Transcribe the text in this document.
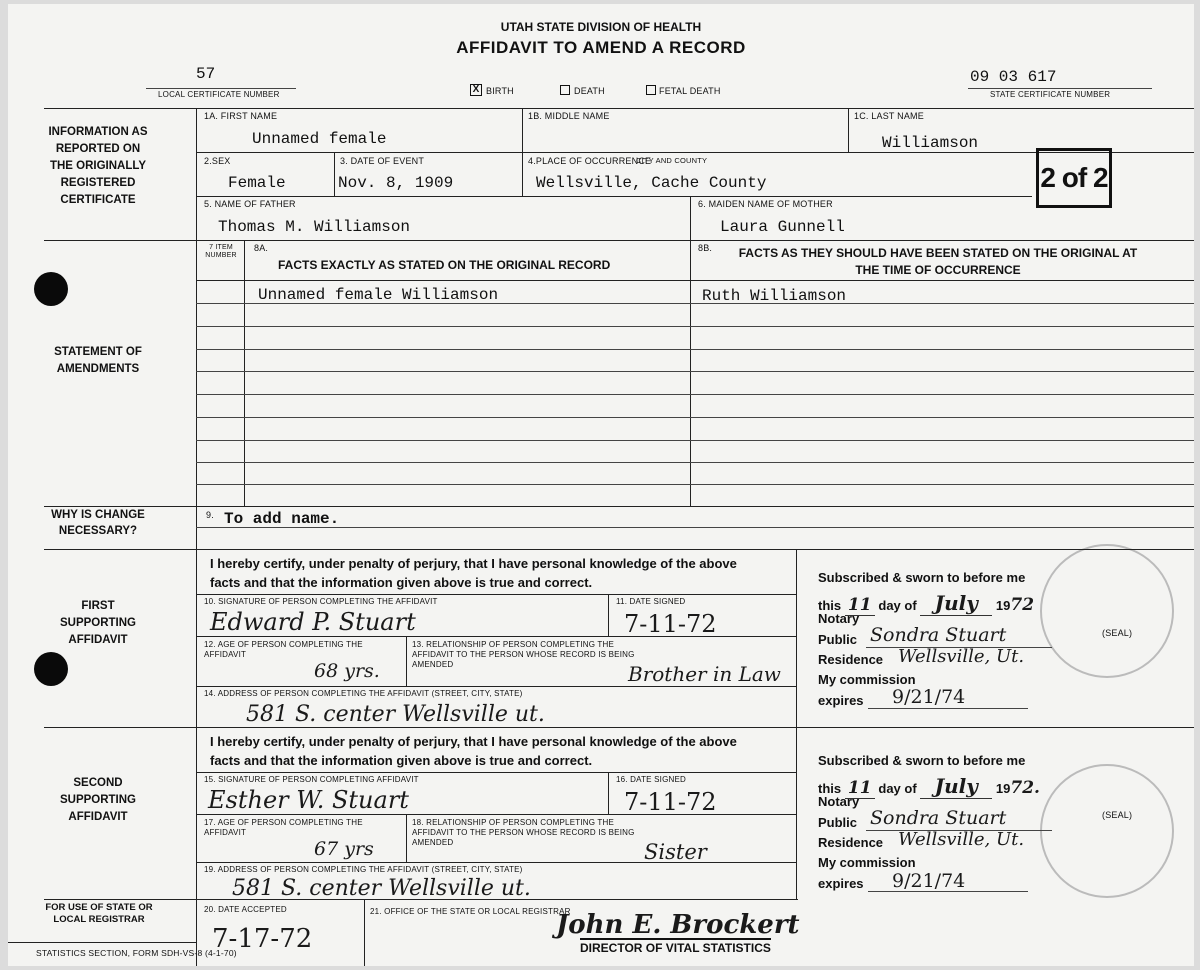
UTAH STATE DIVISION OF HEALTH
AFFIDAVIT TO AMEND A RECORD
57
LOCAL CERTIFICATE NUMBER	X BIRTH	DEATH	FETAL DEATH
09 03 617
STATE CERTIFICATE NUMBER
INFORMATION AS REPORTED ON THE ORIGINALLY REGISTERED CERTIFICATE
1A. FIRST NAME
Unnamed female
1B. MIDDLE NAME	1C. LAST NAME
Williamson
2.SEX
Female
3. DATE OF EVENT
Nov. 8, 1909
4.PLACE OF OCCURRENCE
CITY AND COUNTY
Wellsville, Cache County	2 of 2
5. NAME OF FATHER
Thomas M. Williamson
6. MAIDEN NAME OF MOTHER
Laura Gunnell
STATEMENT OF AMENDMENTS
7 ITEM NUMBER
8A.
FACTS EXACTLY AS STATED ON THE ORIGINAL RECORD
8B.	FACTS AS THEY SHOULD HAVE BEEN STATED ON THE ORIGINAL AT THE TIME OF OCCURRENCE
Unnamed female Williamson	Ruth Williamson
WHY IS CHANGE NECESSARY?
9. To add name.
FIRST SUPPORTING AFFIDAVIT
I hereby certify, under penalty of perjury, that I have personal knowledge of the above facts and that the information given above is true and correct.
10. SIGNATURE OF PERSON COMPLETING THE AFFIDAVIT
Edward P. Stuart
11. DATE SIGNED
7-11-72
12. AGE OF PERSON COMPLETING THE AFFIDAVIT
68 yrs.
13. RELATIONSHIP OF PERSON COMPLETING THE AFFIDAVIT TO THE PERSON WHOSE RECORD IS BEING AMENDED	Brother in Law
14. ADDRESS OF PERSON COMPLETING THE AFFIDAVIT (STREET, CITY, STATE)
581 S. center Wellsville ut.
Subscribed & sworn to before me
this 11 day of July 1972
Notary
Public Sondra Stuart	(SEAL)
Residence Wellsville, Ut.
My commission
expires 9/21/74
SECOND SUPPORTING AFFIDAVIT
I hereby certify, under penalty of perjury, that I have personal knowledge of the above facts and that the information given above is true and correct.
15. SIGNATURE OF PERSON COMPLETING AFFIDAVIT
Esther W. Stuart
16. DATE SIGNED
7-11-72
17. AGE OF PERSON COMPLETING THE AFFIDAVIT
67 yrs
18. RELATIONSHIP OF PERSON COMPLETING THE AFFIDAVIT TO THE PERSON WHOSE RECORD IS BEING AMENDED	Sister
19. ADDRESS OF PERSON COMPLETING THE AFFIDAVIT (STREET, CITY, STATE)
581 S. center Wellsville ut.
Subscribed & sworn to before me
this 11 day of July 1972.
Notary
Public Sondra Stuart	(SEAL)
Residence Wellsville, Ut.
My commission
expires 9/21/74
FOR USE OF STATE OR LOCAL REGISTRAR
20. DATE ACCEPTED
7-17-72
21. OFFICE OF THE STATE OR LOCAL REGISTRAR
John E. Brockert
DIRECTOR OF VITAL STATISTICS
STATISTICS SECTION, FORM SDH-VS-8 (4-1-70)
